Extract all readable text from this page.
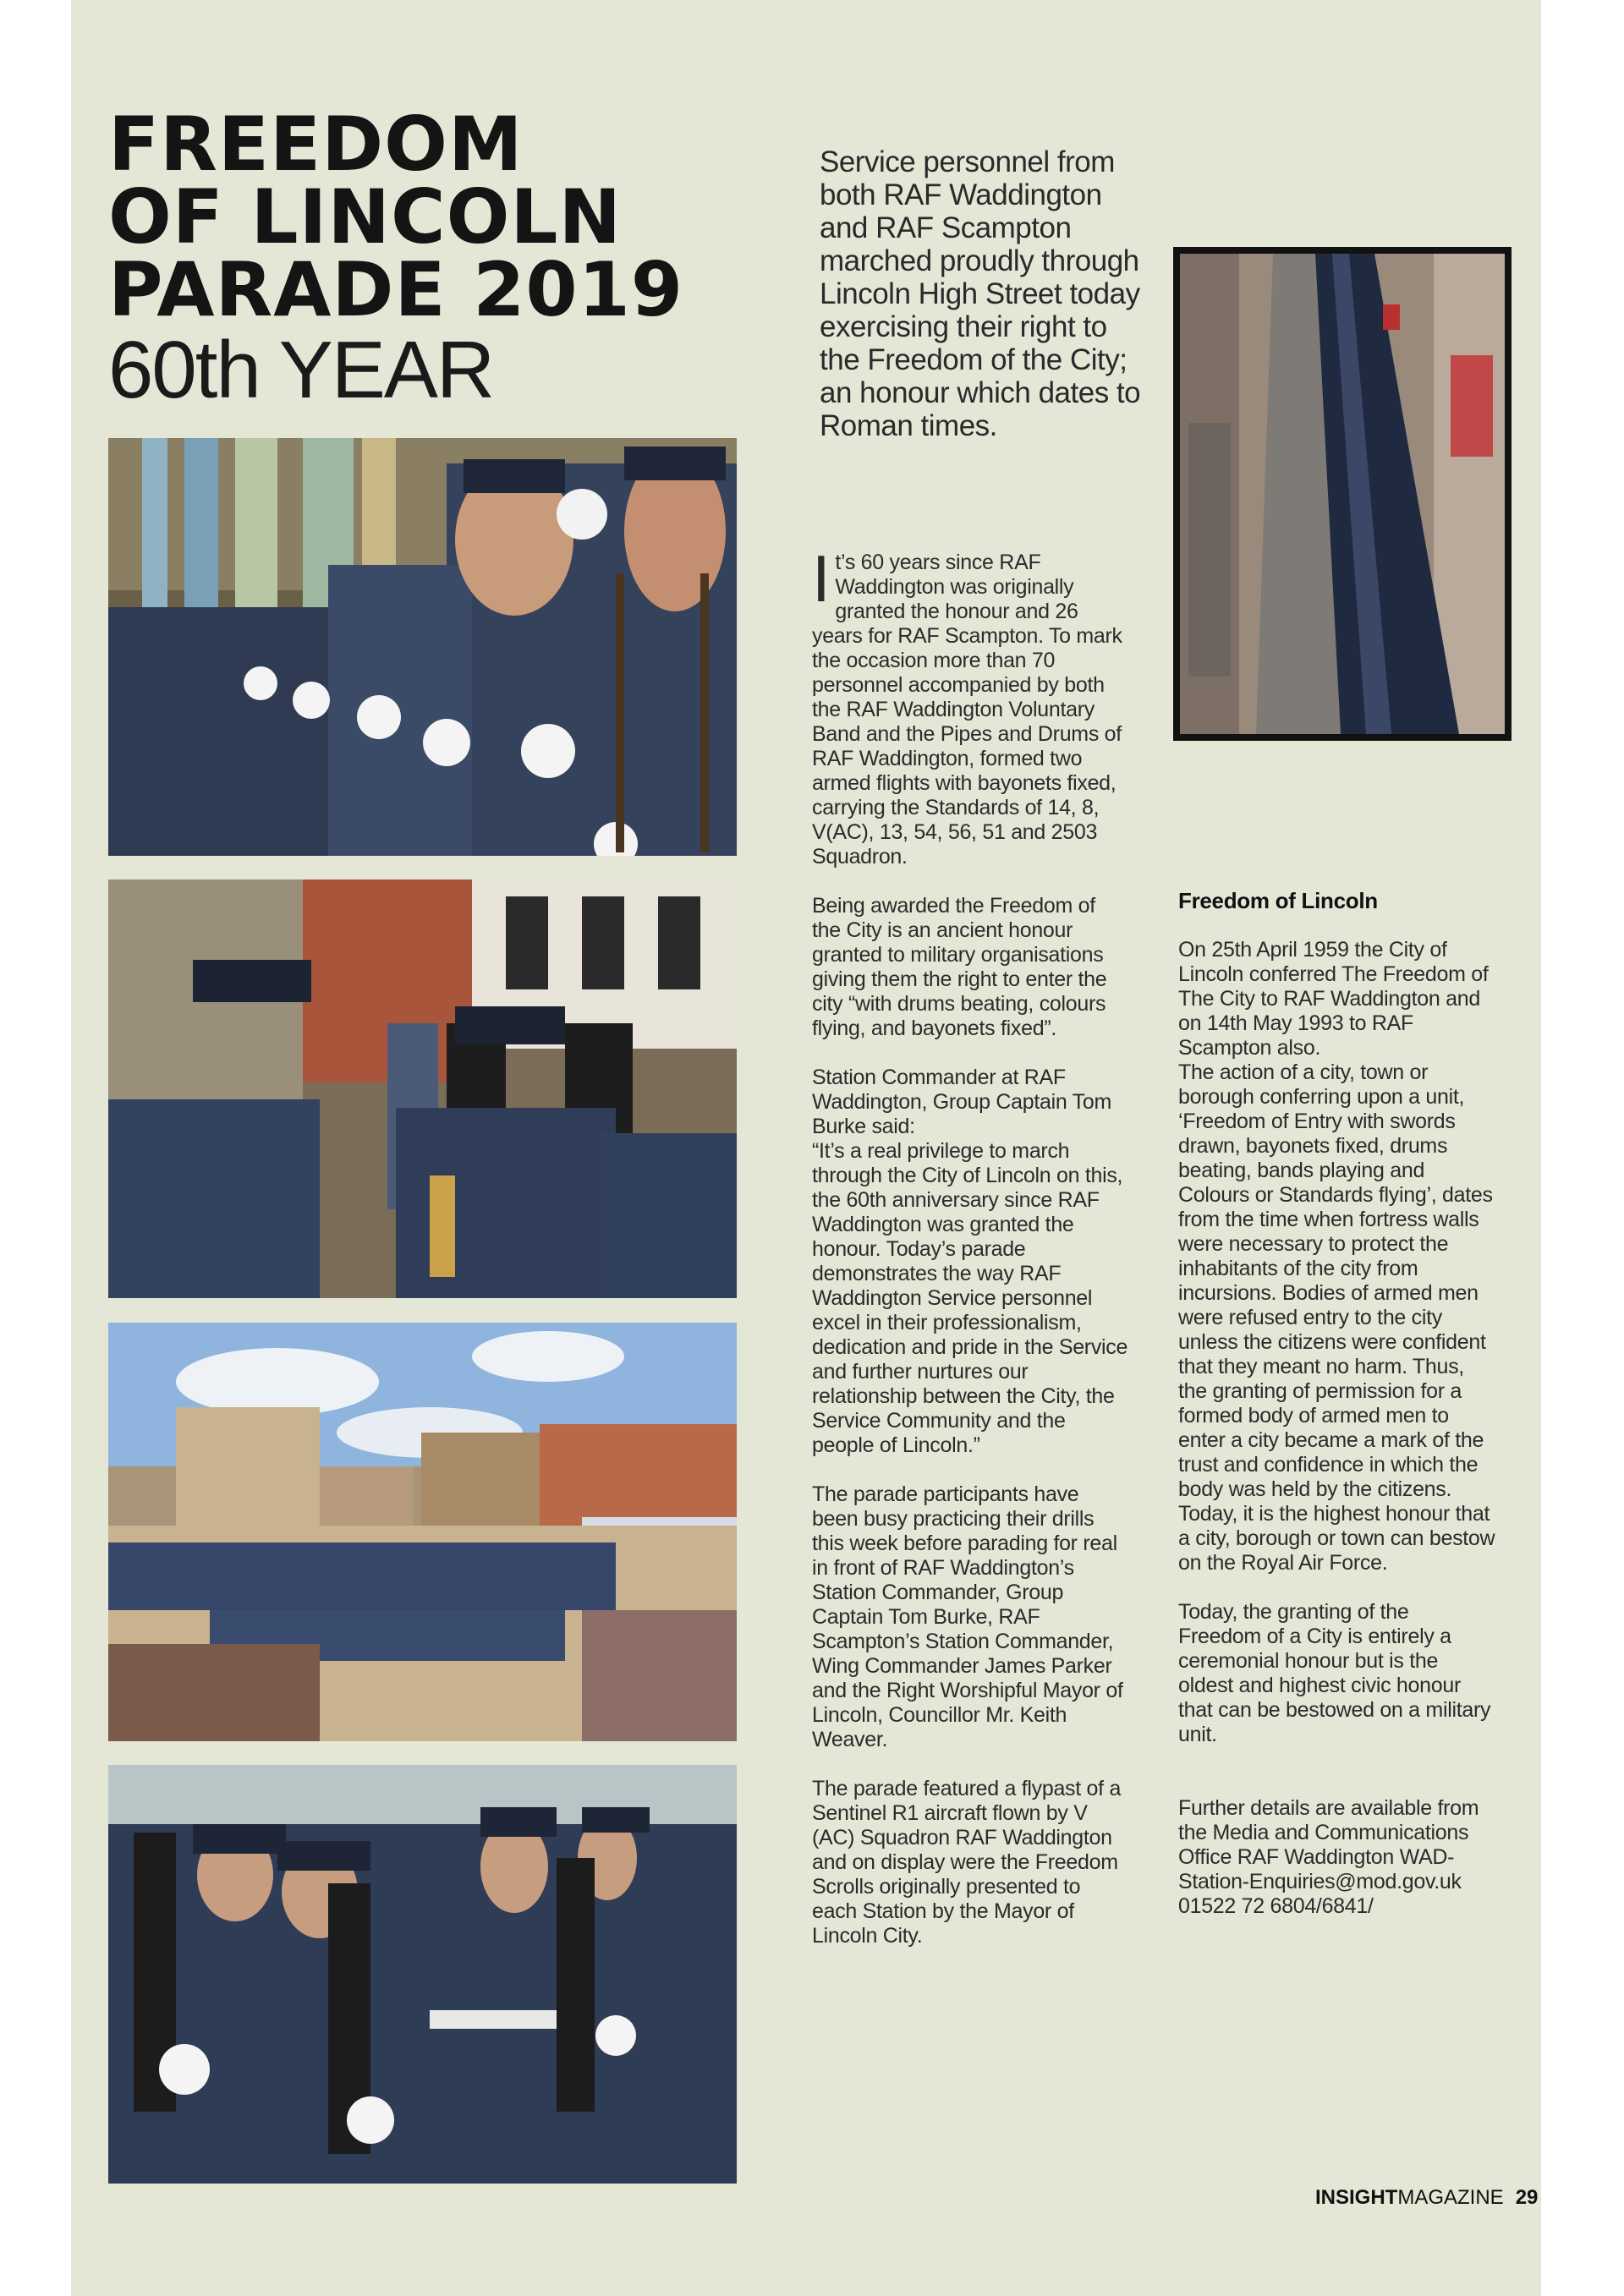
FREEDOM
OF LINCOLN
PARADE 2019
60th YEAR
Service personnel from both RAF Waddington and RAF Scampton marched proudly through Lincoln High Street today exercising their right to the Freedom of the City; an honour which dates to Roman times.

It’s 60 years since RAF Waddington was originally granted the honour and 26 years for RAF Scampton. To mark the occasion more than 70 personnel accompanied by both the RAF Waddington Voluntary Band and the Pipes and Drums of RAF Waddington, formed two armed flights with bayonets fixed, carrying the Standards of 14, 8, V(AC), 13, 54, 56, 51 and 2503 Squadron.

Being awarded the Freedom of the City is an ancient honour granted to military organisations giving them the right to enter the city “with drums beating, colours flying, and bayonets fixed”.

Station Commander at RAF Waddington, Group Captain Tom Burke said:
“It’s a real privilege to march through the City of Lincoln on this, the 60th anniversary since RAF Waddington was granted the honour. Today’s parade demonstrates the way RAF Waddington Service personnel excel in their professionalism, dedication and pride in the Service and further nurtures our relationship between the City, the Service Community and the people of Lincoln.”

The parade participants have been busy practicing their drills this week before parading for real in front of RAF Waddington’s Station Commander, Group Captain Tom Burke, RAF Scampton’s Station Commander, Wing Commander James Parker and the Right Worshipful Mayor of Lincoln, Councillor Mr. Keith Weaver.

The parade featured a flypast of a Sentinel R1 aircraft flown by V (AC) Squadron RAF Waddington and on display were the Freedom Scrolls originally presented to each Station by the Mayor of Lincoln City.

Freedom of Lincoln

On 25th April 1959 the City of Lincoln conferred The Freedom of The City to RAF Waddington and on 14th May 1993 to RAF Scampton also.
The action of a city, town or borough conferring upon a unit, ‘Freedom of Entry with swords drawn, bayonets fixed, drums beating, bands playing and Colours or Standards flying’, dates from the time when fortress walls were necessary to protect the inhabitants of the city from incursions. Bodies of armed men were refused entry to the city unless the citizens were confident that they meant no harm. Thus, the granting of permission for a formed body of armed men to enter a city became a mark of the trust and confidence in which the body was held by the citizens. Today, it is the highest honour that a city, borough or town can bestow on the Royal Air Force.

Today, the granting of the Freedom of a City is entirely a ceremonial honour but is the oldest and highest civic honour that can be bestowed on a military unit.

Further details are available from the Media and Communications Office RAF Waddington WAD-Station-Enquiries@mod.gov.uk 01522 72 6804/6841/

INSIGHTMAGAZINE 29
